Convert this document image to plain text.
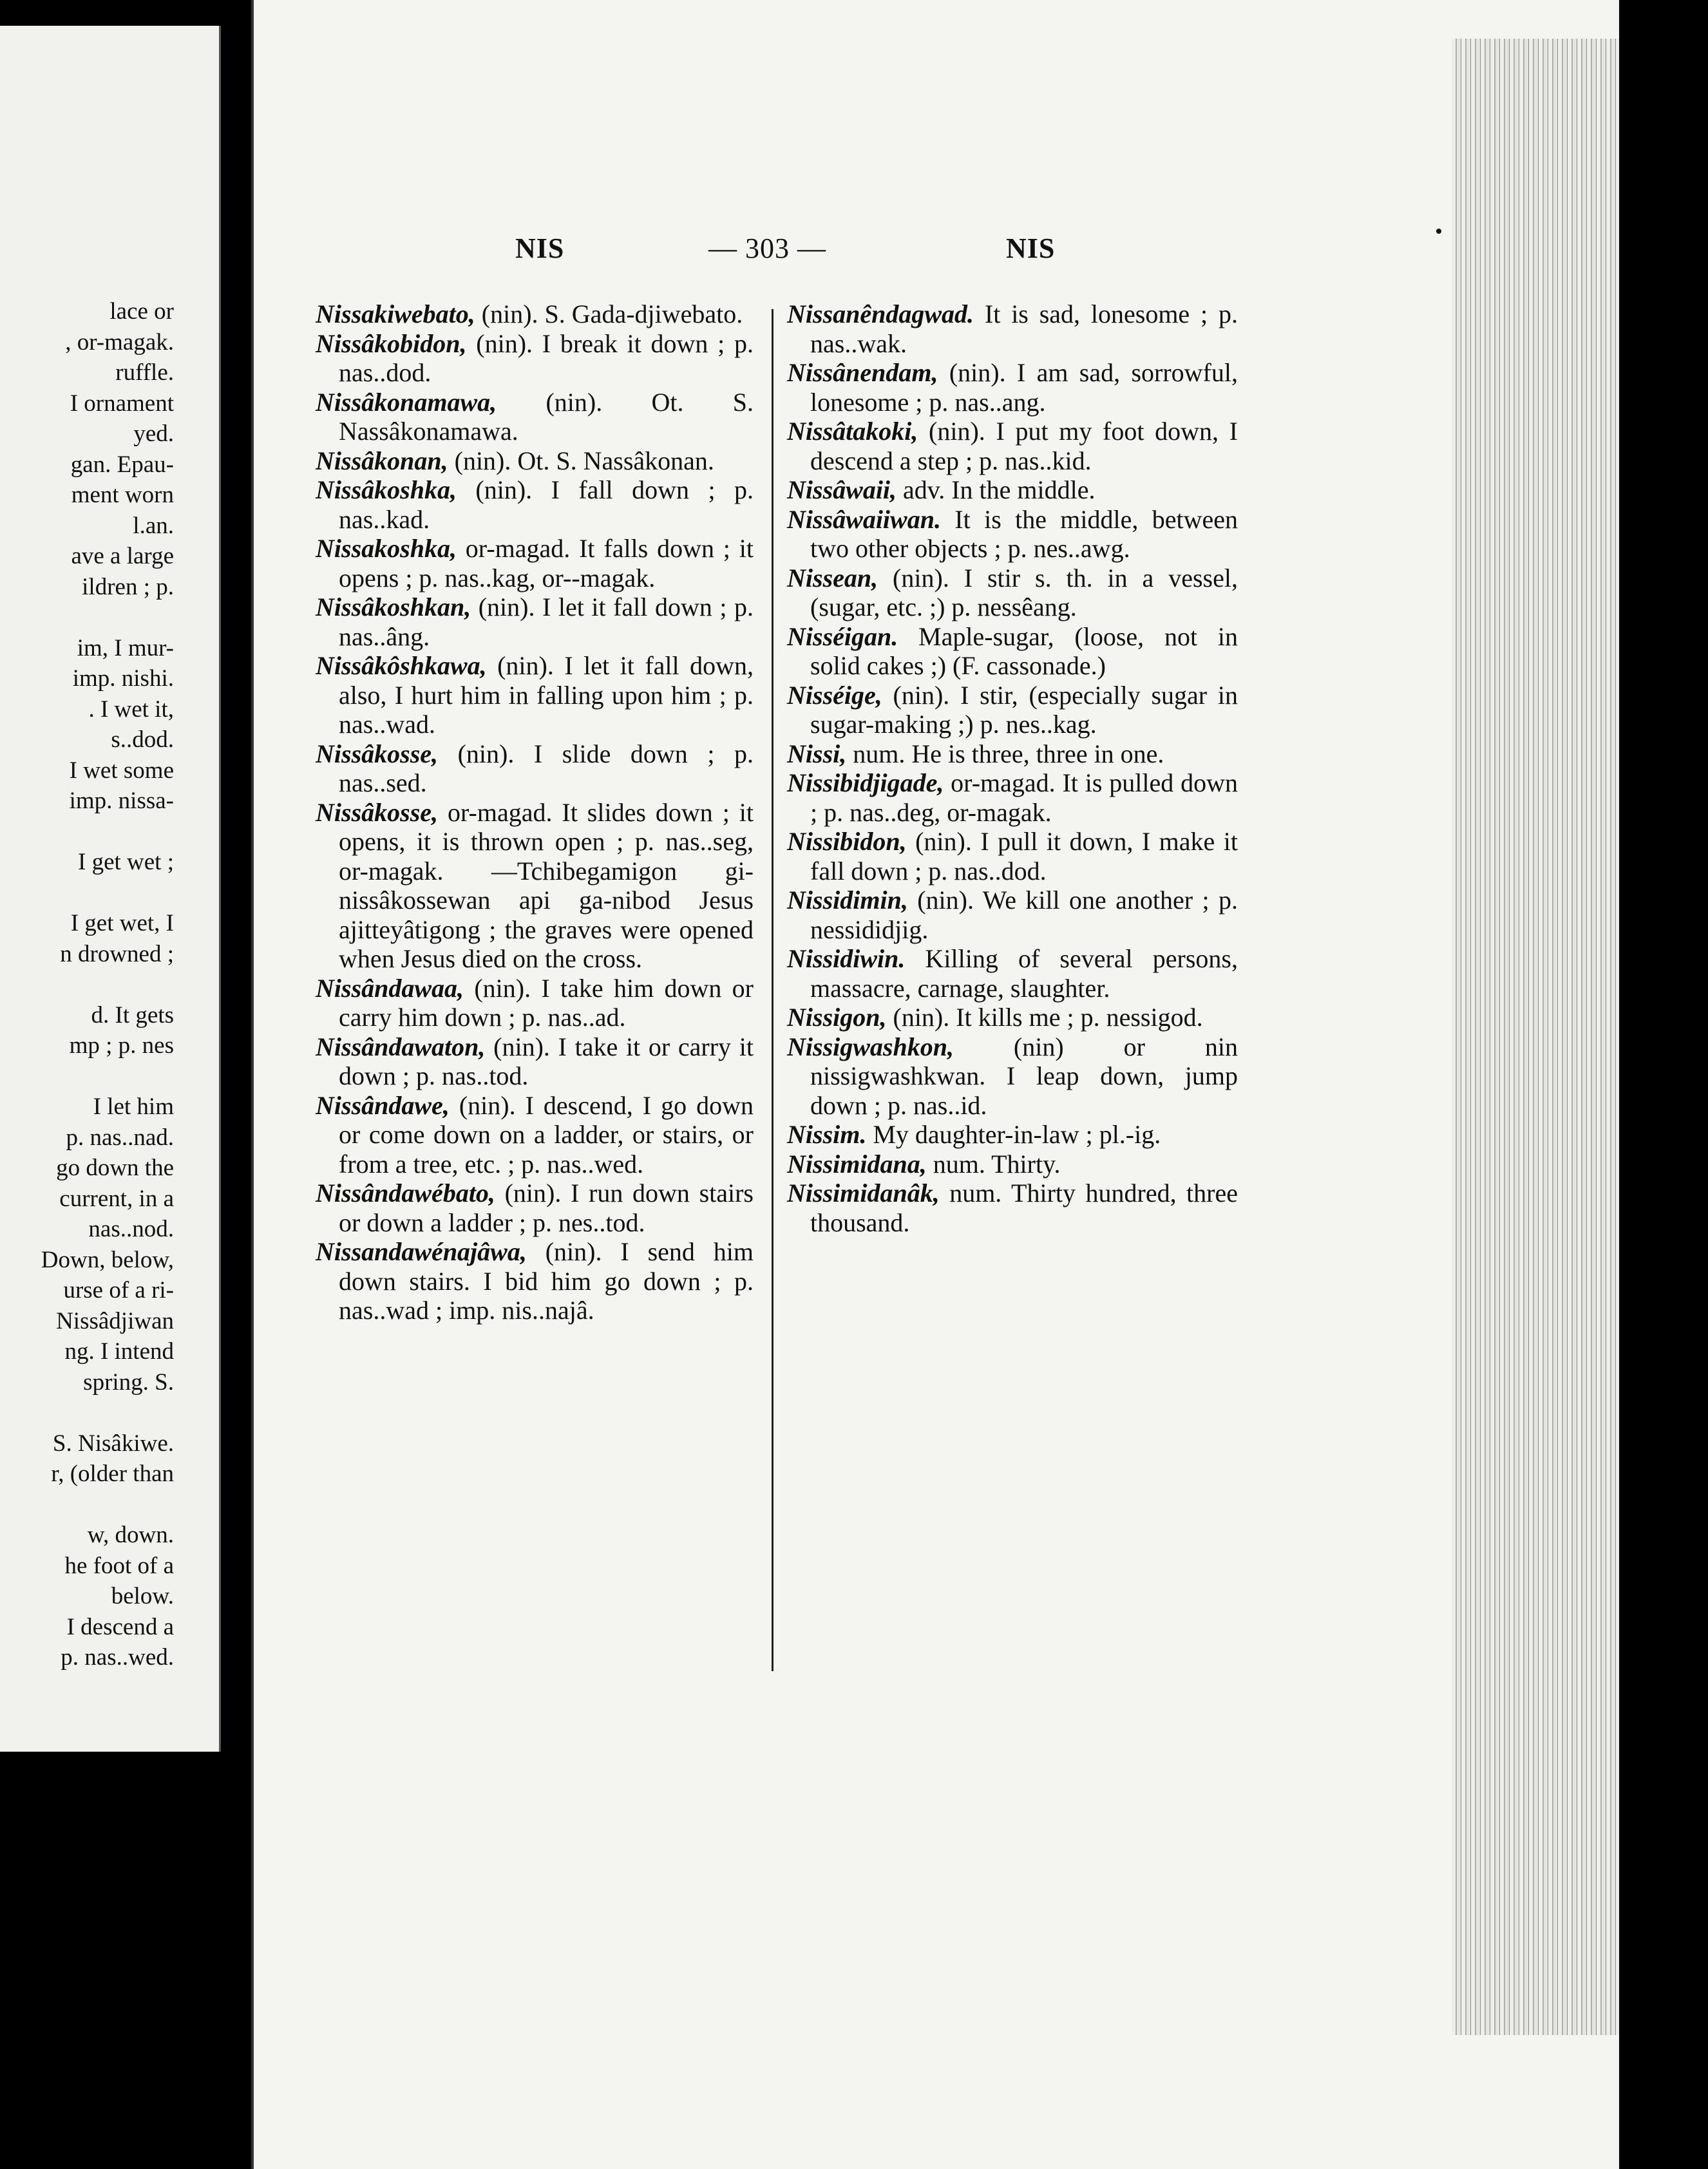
lace or
, or-magak.
ruffle.
I ornament
yed.
gan. Epau-
ment worn
l.an.
ave a large
ildren ; p.
im, I mur-
imp. nishi.
. I wet it,
s..dod.
I wet some
imp. nissa-
I get wet ;
I get wet, I
n drowned ;
d. It gets
mp ; p. nes
I let him
p. nas..nad.
go down the
current, in a
nas..nod.
Down, below,
urse of a ri-
Nissâdjiwan
ng. I intend
spring. S.
S. Nisâkiwe.
r, (older than
w, down.
he foot of a
below.
I descend a
p. nas..wed.
NIS	— 303 —	NIS

Nissakiwebato, (nin). S. Gada-djiwebato.

Nissâkobidon, (nin). I break it down ; p. nas..dod.

Nissâkonamawa, (nin). Ot. S. Nassâkonamawa.

Nissâkonan, (nin). Ot. S. Nassâkonan.

Nissâkoshka, (nin). I fall down ; p. nas..kad.

Nissakoshka, or-magad. It falls down ; it opens ; p. nas..kag, or--magak.

Nissâkoshkan, (nin). I let it fall down ; p. nas..âng.

Nissâkôshkawa, (nin). I let it fall down, also, I hurt him in falling upon him ; p. nas..wad.

Nissâkosse, (nin). I slide down ; p. nas..sed.

Nissâkosse, or-magad. It slides down ; it opens, it is thrown open ; p. nas..seg, or-magak. —Tchibegamigon gi-nissâkossewan api ga-nibod Jesus ajitteyâtigong ; the graves were opened when Jesus died on the cross.

Nissândawaa, (nin). I take him down or carry him down ; p. nas..ad.

Nissândawaton, (nin). I take it or carry it down ; p. nas..tod.

Nissândawe, (nin). I descend, I go down or come down on a ladder, or stairs, or from a tree, etc. ; p. nas..wed.

Nissândawébato, (nin). I run down stairs or down a ladder ; p. nes..tod.

Nissandawénajâwa, (nin). I send him down stairs. I bid him go down ; p. nas..wad ; imp. nis..najâ.

Nissanêndagwad. It is sad, lonesome ; p. nas..wak.

Nissânendam, (nin). I am sad, sorrowful, lonesome ; p. nas..ang.

Nissâtakoki, (nin). I put my foot down, I descend a step ; p. nas..kid.

Nissâwaii, adv. In the middle.

Nissâwaiiwan. It is the middle, between two other objects ; p. nes..awg.

Nissean, (nin). I stir s. th. in a vessel, (sugar, etc. ;) p. nessêang.

Nisséigan. Maple-sugar, (loose, not in solid cakes ;) (F. cassonade.)

Nisséige, (nin). I stir, (especially sugar in sugar-making ;) p. nes..kag.

Nissi, num. He is three, three in one.

Nissibidjigade, or-magad. It is pulled down ; p. nas..deg, or-magak.

Nissibidon, (nin). I pull it down, I make it fall down ; p. nas..dod.

Nissidimin, (nin). We kill one another ; p. nessididjig.

Nissidiwin. Killing of several persons, massacre, carnage, slaughter.

Nissigon, (nin). It kills me ; p. nessigod.

Nissigwashkon, (nin) or nin nissigwashkwan. I leap down, jump down ; p. nas..id.

Nissim. My daughter-in-law ; pl.-ig.

Nissimidana, num. Thirty.

Nissimidanâk, num. Thirty hundred, three thousand.
